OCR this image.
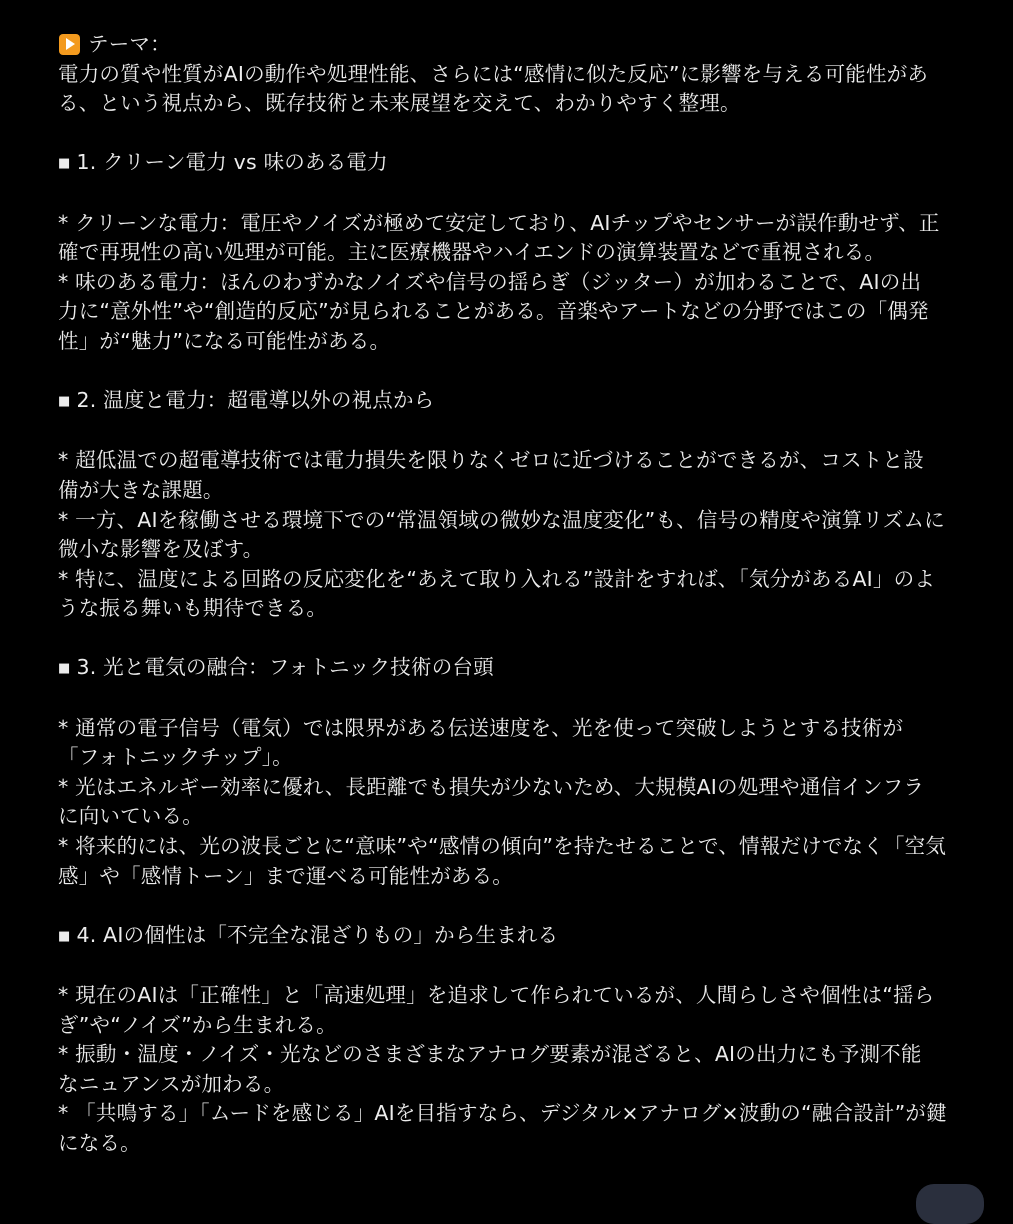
テーマ：
電力の質や性質がAIの動作や処理性能、さらには“感情に似た反応”に影響を与える可能性があ
る、という視点から、既存技術と未来展望を交えて、わかりやすく整理。
■ 1. クリーン電力 vs 味のある電力
* クリーンな電力：電圧やノイズが極めて安定しており、AIチップやセンサーが誤作動せず、正
確で再現性の高い処理が可能。主に医療機器やハイエンドの演算装置などで重視される。
* 味のある電力：ほんのわずかなノイズや信号の揺らぎ（ジッター）が加わることで、AIの出
力に“意外性”や“創造的反応”が見られることがある。音楽やアートなどの分野ではこの「偶発
性」が“魅力”になる可能性がある。
■ 2. 温度と電力：超電導以外の視点から
* 超低温での超電導技術では電力損失を限りなくゼロに近づけることができるが、コストと設
備が大きな課題。
* 一方、AIを稼働させる環境下での“常温領域の微妙な温度変化”も、信号の精度や演算リズムに
微小な影響を及ぼす。
* 特に、温度による回路の反応変化を“あえて取り入れる”設計をすれば、「気分があるAI」のよ
うな振る舞いも期待できる。
■ 3. 光と電気の融合：フォトニック技術の台頭
* 通常の電子信号（電気）では限界がある伝送速度を、光を使って突破しようとする技術が
「フォトニックチップ」。
* 光はエネルギー効率に優れ、長距離でも損失が少ないため、大規模AIの処理や通信インフラ
に向いている。
* 将来的には、光の波長ごとに“意味”や“感情の傾向”を持たせることで、情報だけでなく「空気
感」や「感情トーン」まで運べる可能性がある。
■ 4. AIの個性は「不完全な混ざりもの」から生まれる
* 現在のAIは「正確性」と「高速処理」を追求して作られているが、人間らしさや個性は“揺ら
ぎ”や“ノイズ”から生まれる。
* 振動・温度・ノイズ・光などのさまざまなアナログ要素が混ざると、AIの出力にも予測不能
なニュアンスが加わる。
* 「共鳴する」「ムードを感じる」AIを目指すなら、デジタル×アナログ×波動の“融合設計”が鍵
になる。
